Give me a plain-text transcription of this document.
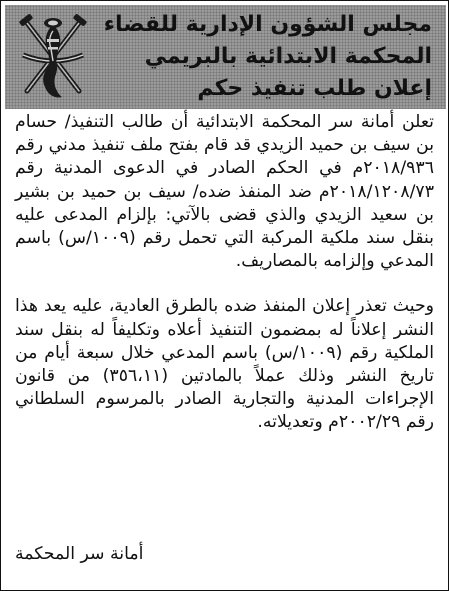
مجلس الشؤون الإدارية للقضاء
المحكمة الابتدائية بالبريمي
إعلان طلب تنفيذ حكم

تعلن أمانة سر المحكمة الابتدائية أن طالب التنفيذ/ حسام بن سيف بن حميد الزيدي قد قام بفتح ملف تنفيذ مدني رقم ٢٠١٨/٩٣٦م في الحكم الصادر في الدعوى المدنية رقم ٢٠١٨/١٢٠٨/٧٣م ضد المنفذ ضده/ سيف بن حميد بن بشير بن سعيد الزيدي والذي قضى بالآتي: بإلزام المدعى عليه بنقل سند ملكية المركبة التي تحمل رقم (١٠٠٩/س) باسم المدعي وإلزامه بالمصاريف.

وحيث تعذر إعلان المنفذ ضده بالطرق العادية، عليه يعد هذا النشر إعلاناً له بمضمون التنفيذ أعلاه وتكليفاً له بنقل سند الملكية رقم (١٠٠٩/س) باسم المدعي خلال سبعة أيام من تاريخ النشر وذلك عملاً بالمادتين (٣٥٦،١١) من قانون الإجراءات المدنية والتجارية الصادر بالمرسوم السلطاني رقم ٢٠٠٢/٢٩م وتعديلاته.

أمانة سر المحكمة
